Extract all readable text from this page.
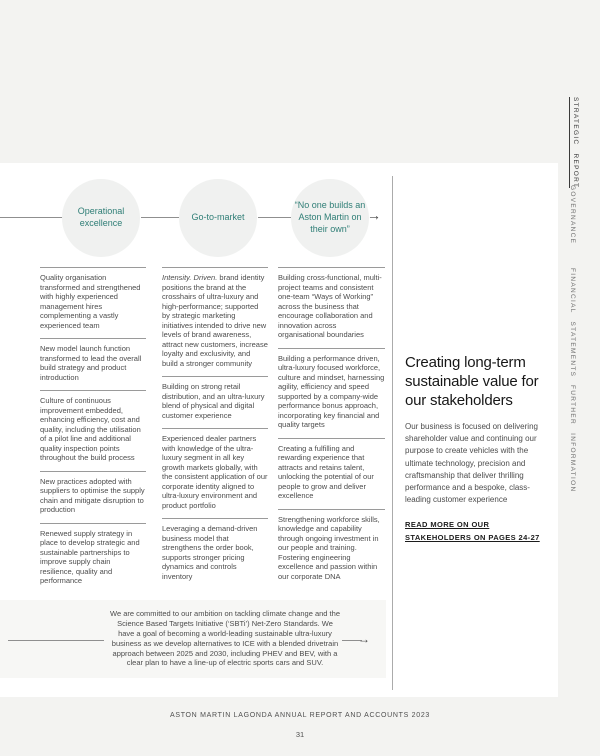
STRATEGIC REPORT
GOVERNANCE
FINANCIAL STATEMENTS
FURTHER INFORMATION
Operational excellence
Go-to-market
“No one builds an Aston Martin on their own”
→

Quality organisation transformed and strengthened with highly experienced management hires complementing a vastly experienced team

New model launch function transformed to lead the overall build strategy and product introduction

Culture of continuous improvement embedded, enhancing efficiency, cost and quality, including the utilisation of a pilot line and additional quality inspection points throughout the build process

New practices adopted with suppliers to optimise the supply chain and mitigate disruption to production

Renewed supply strategy in place to develop strategic and sustainable partnerships to improve supply chain resilience, quality and performance

Intensity. Driven. brand identity positions the brand at the crosshairs of ultra-luxury and high-performance; supported by strategic marketing initiatives intended to drive new levels of brand awareness, attract new customers, increase loyalty and exclusivity, and build a stronger community

Building on strong retail distribution, and an ultra-luxury blend of physical and digital customer experience

Experienced dealer partners with knowledge of the ultra-luxury segment in all key growth markets globally, with the consistent application of our corporate identity aligned to ultra-luxury environment and product portfolio

Leveraging a demand-driven business model that strengthens the order book, supports stronger pricing dynamics and controls inventory

Building cross-functional, multi-project teams and consistent one-team “Ways of Working” across the business that encourage collaboration and innovation across organisational boundaries

Building a performance driven, ultra-luxury focused workforce, culture and mindset, harnessing agility, efficiency and speed supported by a company-wide performance bonus approach, incorporating key financial and quality targets

Creating a fulfilling and rewarding experience that attracts and retains talent, unlocking the potential of our people to grow and deliver excellence

Strengthening workforce skills, knowledge and capability through ongoing investment in our people and training. Fostering engineering excellence and passion within our corporate DNA

Creating long-term sustainable value for our stakeholders

Our business is focused on delivering shareholder value and continuing our purpose to create vehicles with the ultimate technology, precision and craftsmanship that deliver thrilling performance and a bespoke, class-leading customer experience

READ MORE ON OUR STAKEHOLDERS ON PAGES 24-27
We are committed to our ambition on tackling climate change and the Science Based Targets Initiative (‘SBTi’) Net-Zero Standards. We have a goal of becoming a world-leading sustainable ultra-luxury business as we develop alternatives to ICE with a blended drivetrain approach between 2025 and 2030, including PHEV and BEV, with a clear plan to have a line-up of electric sports cars and SUV.
→
ASTON MARTIN LAGONDA ANNUAL REPORT AND ACCOUNTS 2023
31
